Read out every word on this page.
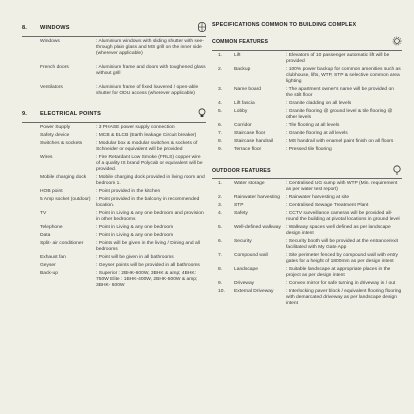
8.	WINDOWS
Windows	: Aluminium windows with sliding shutter with see-through plain glass and MS grill on the inner side (wherever applicable)
French doors	: Aluminium frame and doors with toughened glass without grill
Ventilators	: Aluminium frame of fixed louvered / open-able shutter for ODU access (wherever applicable)
9.	ELECTRICAL POINTS
Power Supply	: 3 PHASE power supply connection
Safety device	: MCB & ELCB (Earth leakage Circuit breaker)
Switches & sockets	: Modular box & modular switches & sockets of Schneider or equivalent will be provided
Wires	: Fire Retardant Low Smoke (FRLS) copper wire of a quality IS brand Polycab or equivalent will be provided.
Mobile charging dock	: Mobile charging dock provided in living room and bedroom 1.
HOB point	: Point provided in the kitchen
5 Amp socket (outdoor)	: Point provided in the balcony in recommended location.
TV	: Point in Living & any one bedroom and provision in other bedrooms
Telephone	: Point in Living & any one bedroom
Data	: Point in Living & any one bedroom
Split- air conditioner	: Points will be given in the living / Dining and all bedrooms
Exhaust fan	: Point will be given in all bathrooms
Geyser	: Geyser points will be provided in all bathrooms
Back-up	: Superior : 2BHK-600W, 3BHK & amp; 4BHK: 750W Elite : 1BHK-400W, 2BHK-500W & amp; 3BHK- 600W
SPECIFICATIONS COMMON TO BUILDING COMPLEX
COMMON FEATURES
1.	Lift	: Elevators of 10 passenger automatic lift will be provided
2.	Backup	: 100% power backup for common amenities such as clubhouse, lifts, WTP, STP & selective common area lighting
3.	Name board	: The apartment owner's name will be provided on the stilt floor
4.	Lift fascia	: Granite cladding on all levels
5.	Lobby	: Granite flooring @ ground level & tile flooring @ other levels
6.	Corridor	: Tile flooring at all levels
7.	Staircase floor	: Granite flooring at all levels
8.	Staircase handrail	: MS handrail with enamel paint finish on all floors
9.	Terrace floor	: Pressed tile flooring
OUTDOOR FEATURES
1.	Water storage	: Centralised UG sump with WTP (Min. requirement as per water test report)
2.	Rainwater harvesting	: Rainwater harvesting at site
3.	STP	: Centralised Sewage Treatment Plant
4.	Safety	: CCTV surveillance cameras will be provided all-round the building at pivotal locations in ground level
5.	Well-defined walkway	: Walkway spaces well defined as per landscape design intent
6.	Security	: Security booth will be provided at the entrance/exit facilitated with My Gate App
7.	Compound wall	: Site perimeter fenced by compound wall with entry gates for a height of 1800mm as per design intent
8.	Landscape	: Suitable landscape at appropriate places in the project as per design intent
9.	Driveway	: Convex mirror for safe turning in driveway in / out
10.	External Driveway	: Interlocking paver block / equivalent flooring flooring with demarcated driveway as per landscape design intent
